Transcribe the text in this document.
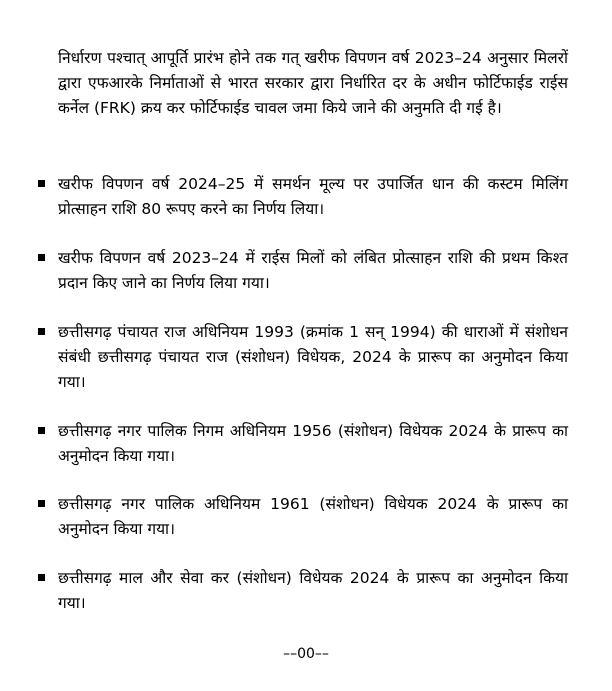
निर्धारण पश्चात् आपूर्ति प्रारंभ होने तक गत् खरीफ विपणन वर्ष 2023–24 अनुसार मिलरों द्वारा एफआरके निर्माताओं से भारत सरकार द्वारा निर्धारित दर के अधीन फोर्टिफाईड राईस कर्नेल (FRK) क्रय कर फोर्टिफाईड चावल जमा किये जाने की अनुमति दी गई है।

खरीफ विपणन वर्ष 2024–25 में समर्थन मूल्य पर उपार्जित धान की कस्टम मिलिंग प्रोत्साहन राशि 80 रूपए करने का निर्णय लिया।

खरीफ विपणन वर्ष 2023–24 में राईस मिलों को लंबित प्रोत्साहन राशि की प्रथम किश्त प्रदान किए जाने का निर्णय लिया गया।

छत्तीसगढ़ पंचायत राज अधिनियम 1993 (क्रमांक 1 सन् 1994) की धाराओं में संशोधन संबंधी छत्तीसगढ़ पंचायत राज (संशोधन) विधेयक, 2024 के प्रारूप का अनुमोदन किया गया।

छत्तीसगढ़ नगर पालिक निगम अधिनियम 1956 (संशोधन) विधेयक 2024 के प्रारूप का अनुमोदन किया गया।

छत्तीसगढ़ नगर पालिक अधिनियम 1961 (संशोधन) विधेयक 2024 के प्रारूप का अनुमोदन किया गया।

छत्तीसगढ़ माल और सेवा कर (संशोधन) विधेयक 2024 के प्रारूप का अनुमोदन किया गया।

––00––
